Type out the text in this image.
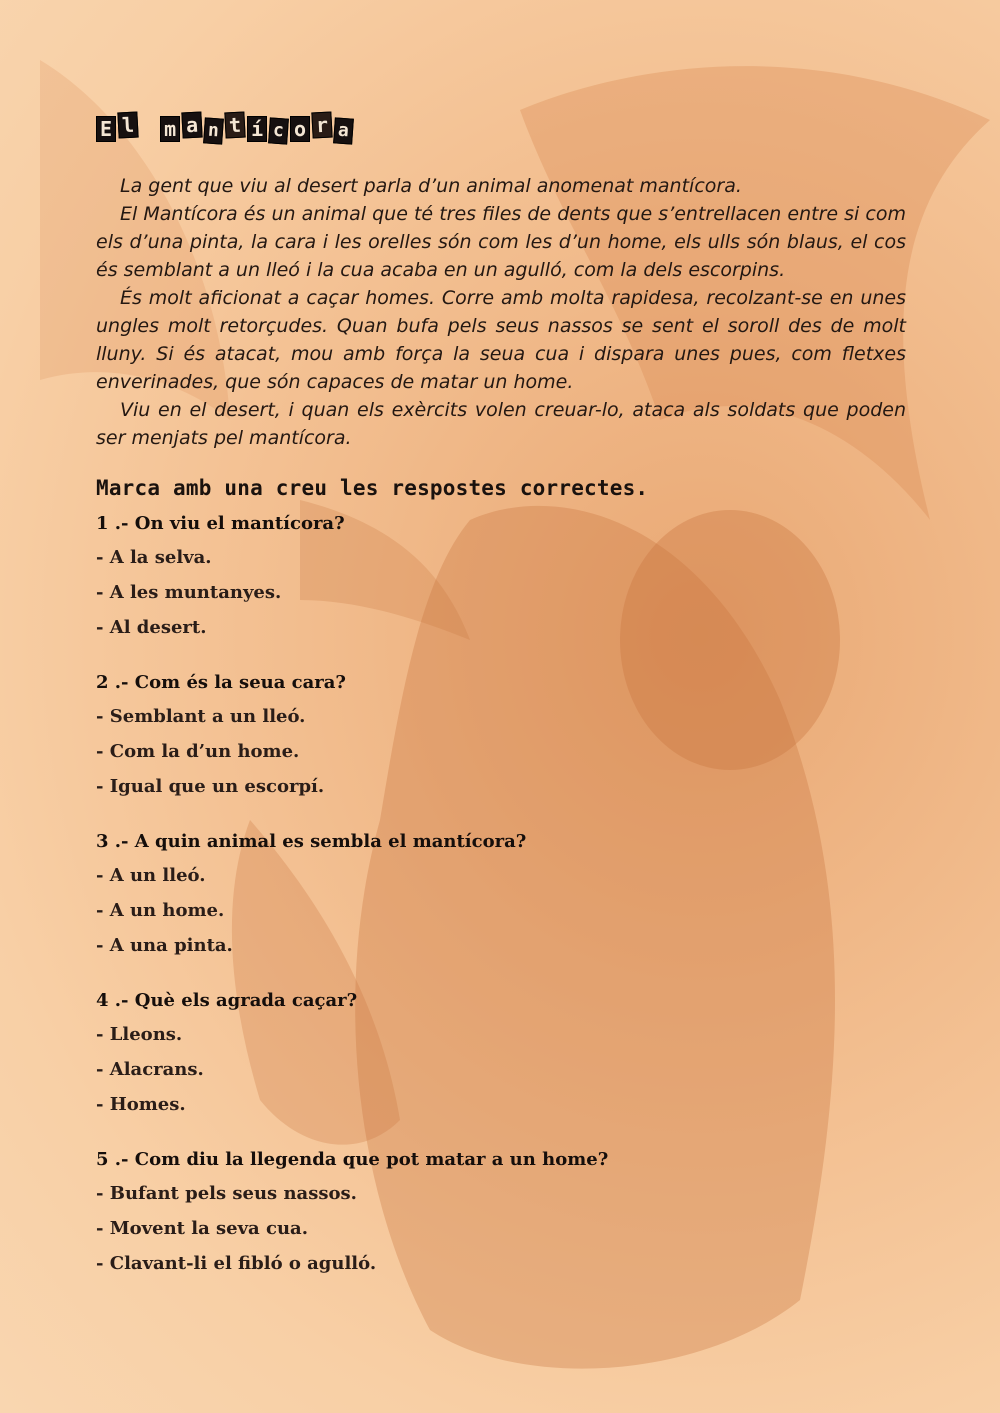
E l m a n t í c o r a

La gent que viu al desert parla d’un animal anomenat mantícora.

El Mantícora és un animal que té tres files de dents que s’entrellacen entre si com els d’una pinta, la cara i les orelles són com les d’un home, els ulls són blaus, el cos és semblant a un lleó i la cua acaba en un agulló, com la dels escorpins.

És molt aficionat a caçar homes. Corre amb molta rapidesa, recolzant-se en unes ungles molt retorçudes. Quan bufa pels seus nassos se sent el soroll des de molt lluny. Si és atacat, mou amb força la seua cua i dispara unes pues, com fletxes enverinades, que són capaces de matar un home.

Viu en el desert, i quan els exèrcits volen creuar-lo, ataca als soldats que poden ser menjats pel mantícora.

Marca amb una creu les respostes correctes.
1 .- On viu el mantícora?
- A la selva.
- A les muntanyes.
- Al desert.
2 .- Com és la seua cara?
- Semblant a un lleó.
- Com la d’un home.
- Igual que un escorpí.
3 .- A quin animal es sembla el mantícora?
- A un lleó.
- A un home.
- A una pinta.
4 .- Què els agrada caçar?
- Lleons.
- Alacrans.
- Homes.
5 .- Com diu la llegenda que pot matar a un home?
- Bufant pels seus nassos.
- Movent la seva cua.
- Clavant-li el fibló o agulló.
